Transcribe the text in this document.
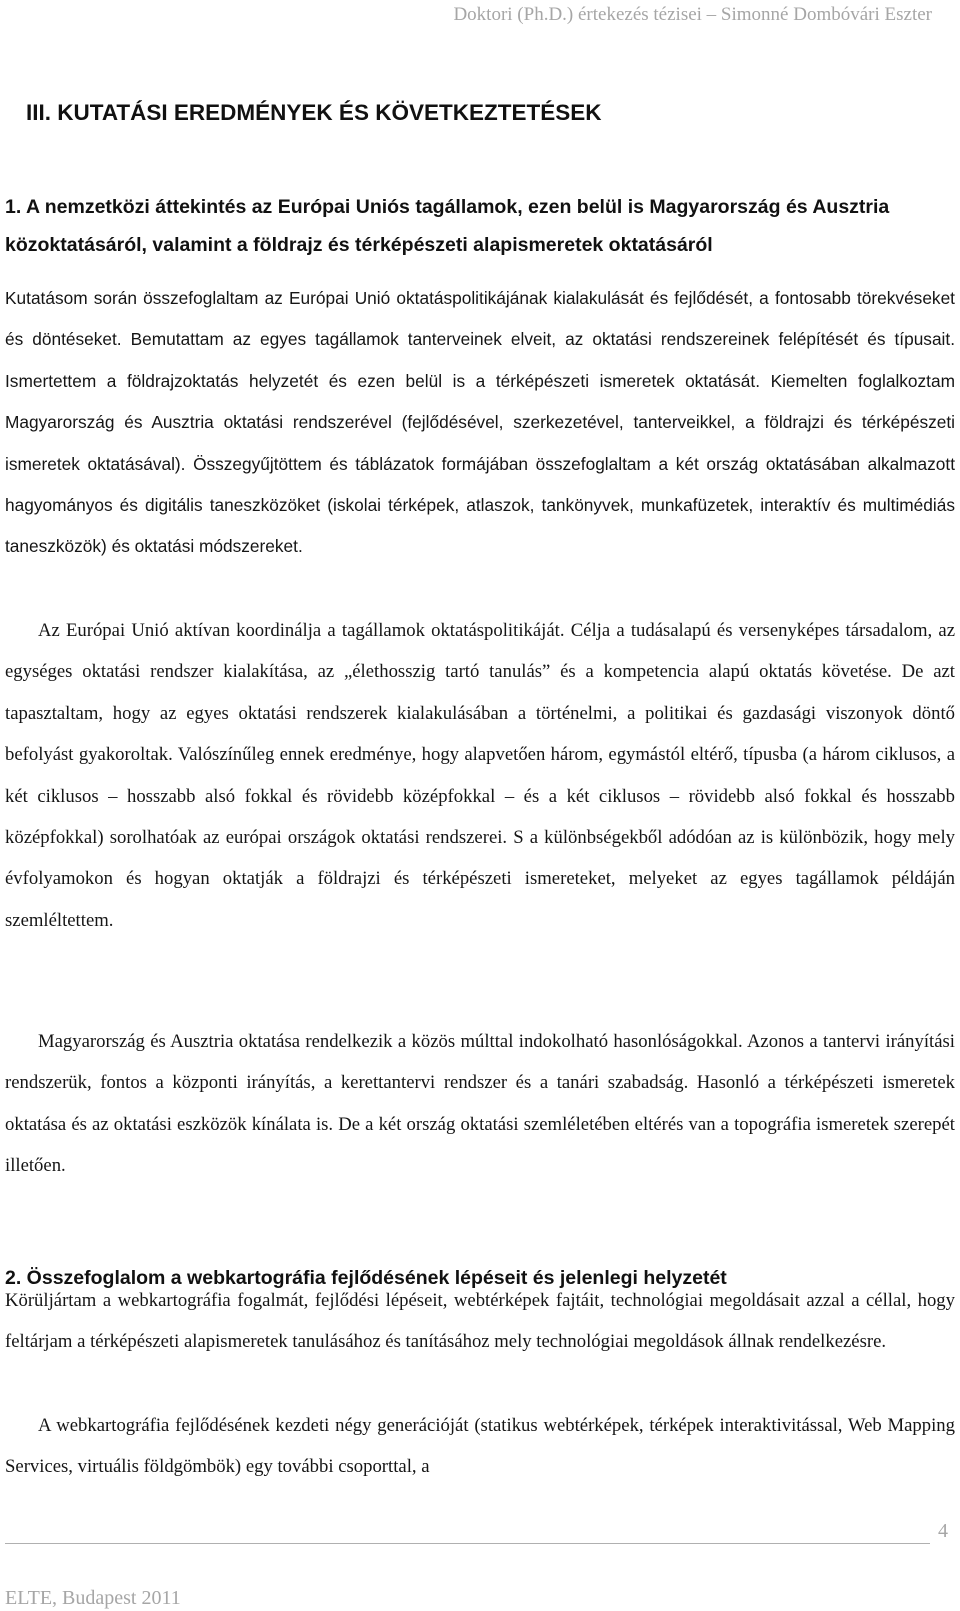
Doktori (Ph.D.) értekezés tézisei – Simonné Dombóvári Eszter
III. KUTATÁSI EREDMÉNYEK ÉS KÖVETKEZTETÉSEK
1. A nemzetközi áttekintés az Európai Uniós tagállamok, ezen belül is Magyarország és Ausztria közoktatásáról, valamint a földrajz és térképészeti alapismeretek oktatásáról
Kutatásom során összefoglaltam az Európai Unió oktatáspolitikájának kialakulását és fejlődését, a fontosabb törekvéseket és döntéseket. Bemutattam az egyes tagállamok tanterveinek elveit, az oktatási rendszereinek felépítését és típusait. Ismertettem a földrajzoktatás helyzetét és ezen belül is a térképészeti ismeretek oktatását. Kiemelten foglalkoztam Magyarország és Ausztria oktatási rendszerével (fejlődésével, szerkezetével, tanterveikkel, a földrajzi és térképészeti ismeretek oktatásával). Összegyűjtöttem és táblázatok formájában összefoglaltam a két ország oktatásában alkalmazott hagyományos és digitális taneszközöket (iskolai térképek, atlaszok, tankönyvek, munkafüzetek, interaktív és multimédiás taneszközök) és oktatási módszereket.
Az Európai Unió aktívan koordinálja a tagállamok oktatáspolitikáját. Célja a tudásalapú és versenyképes társadalom, az egységes oktatási rendszer kialakítása, az „élethosszig tartó tanulás” és a kompetencia alapú oktatás követése. De azt tapasztaltam, hogy az egyes oktatási rendszerek kialakulásában a történelmi, a politikai és gazdasági viszonyok döntő befolyást gyakoroltak. Valószínűleg ennek eredménye, hogy alapvetően három, egymástól eltérő, típusba (a három ciklusos, a két ciklusos – hosszabb alsó fokkal és rövidebb középfokkal – és a két ciklusos – rövidebb alsó fokkal és hosszabb középfokkal) sorolhatóak az európai országok oktatási rendszerei. S a különbségekből adódóan az is különbözik, hogy mely évfolyamokon és hogyan oktatják a földrajzi és térképészeti ismereteket, melyeket az egyes tagállamok példáján szemléltettem.
Magyarország és Ausztria oktatása rendelkezik a közös múlttal indokolható hasonlóságokkal. Azonos a tantervi irányítási rendszerük, fontos a központi irányítás, a kerettantervi rendszer és a tanári szabadság. Hasonló a térképészeti ismeretek oktatása és az oktatási eszközök kínálata is. De a két ország oktatási szemléletében eltérés van a topográfia ismeretek szerepét illetően.
2. Összefoglalom a webkartográfia fejlődésének lépéseit és jelenlegi helyzetét
Körüljártam a webkartográfia fogalmát, fejlődési lépéseit, webtérképek fajtáit, technológiai megoldásait azzal a céllal, hogy feltárjam a térképészeti alapismeretek tanulásához és tanításához mely technológiai megoldások állnak rendelkezésre.
A webkartográfia fejlődésének kezdeti négy generációját (statikus webtérképek, térképek interaktivitással, Web Mapping Services, virtuális földgömbök) egy további csoporttal, a
4
ELTE, Budapest 2011
